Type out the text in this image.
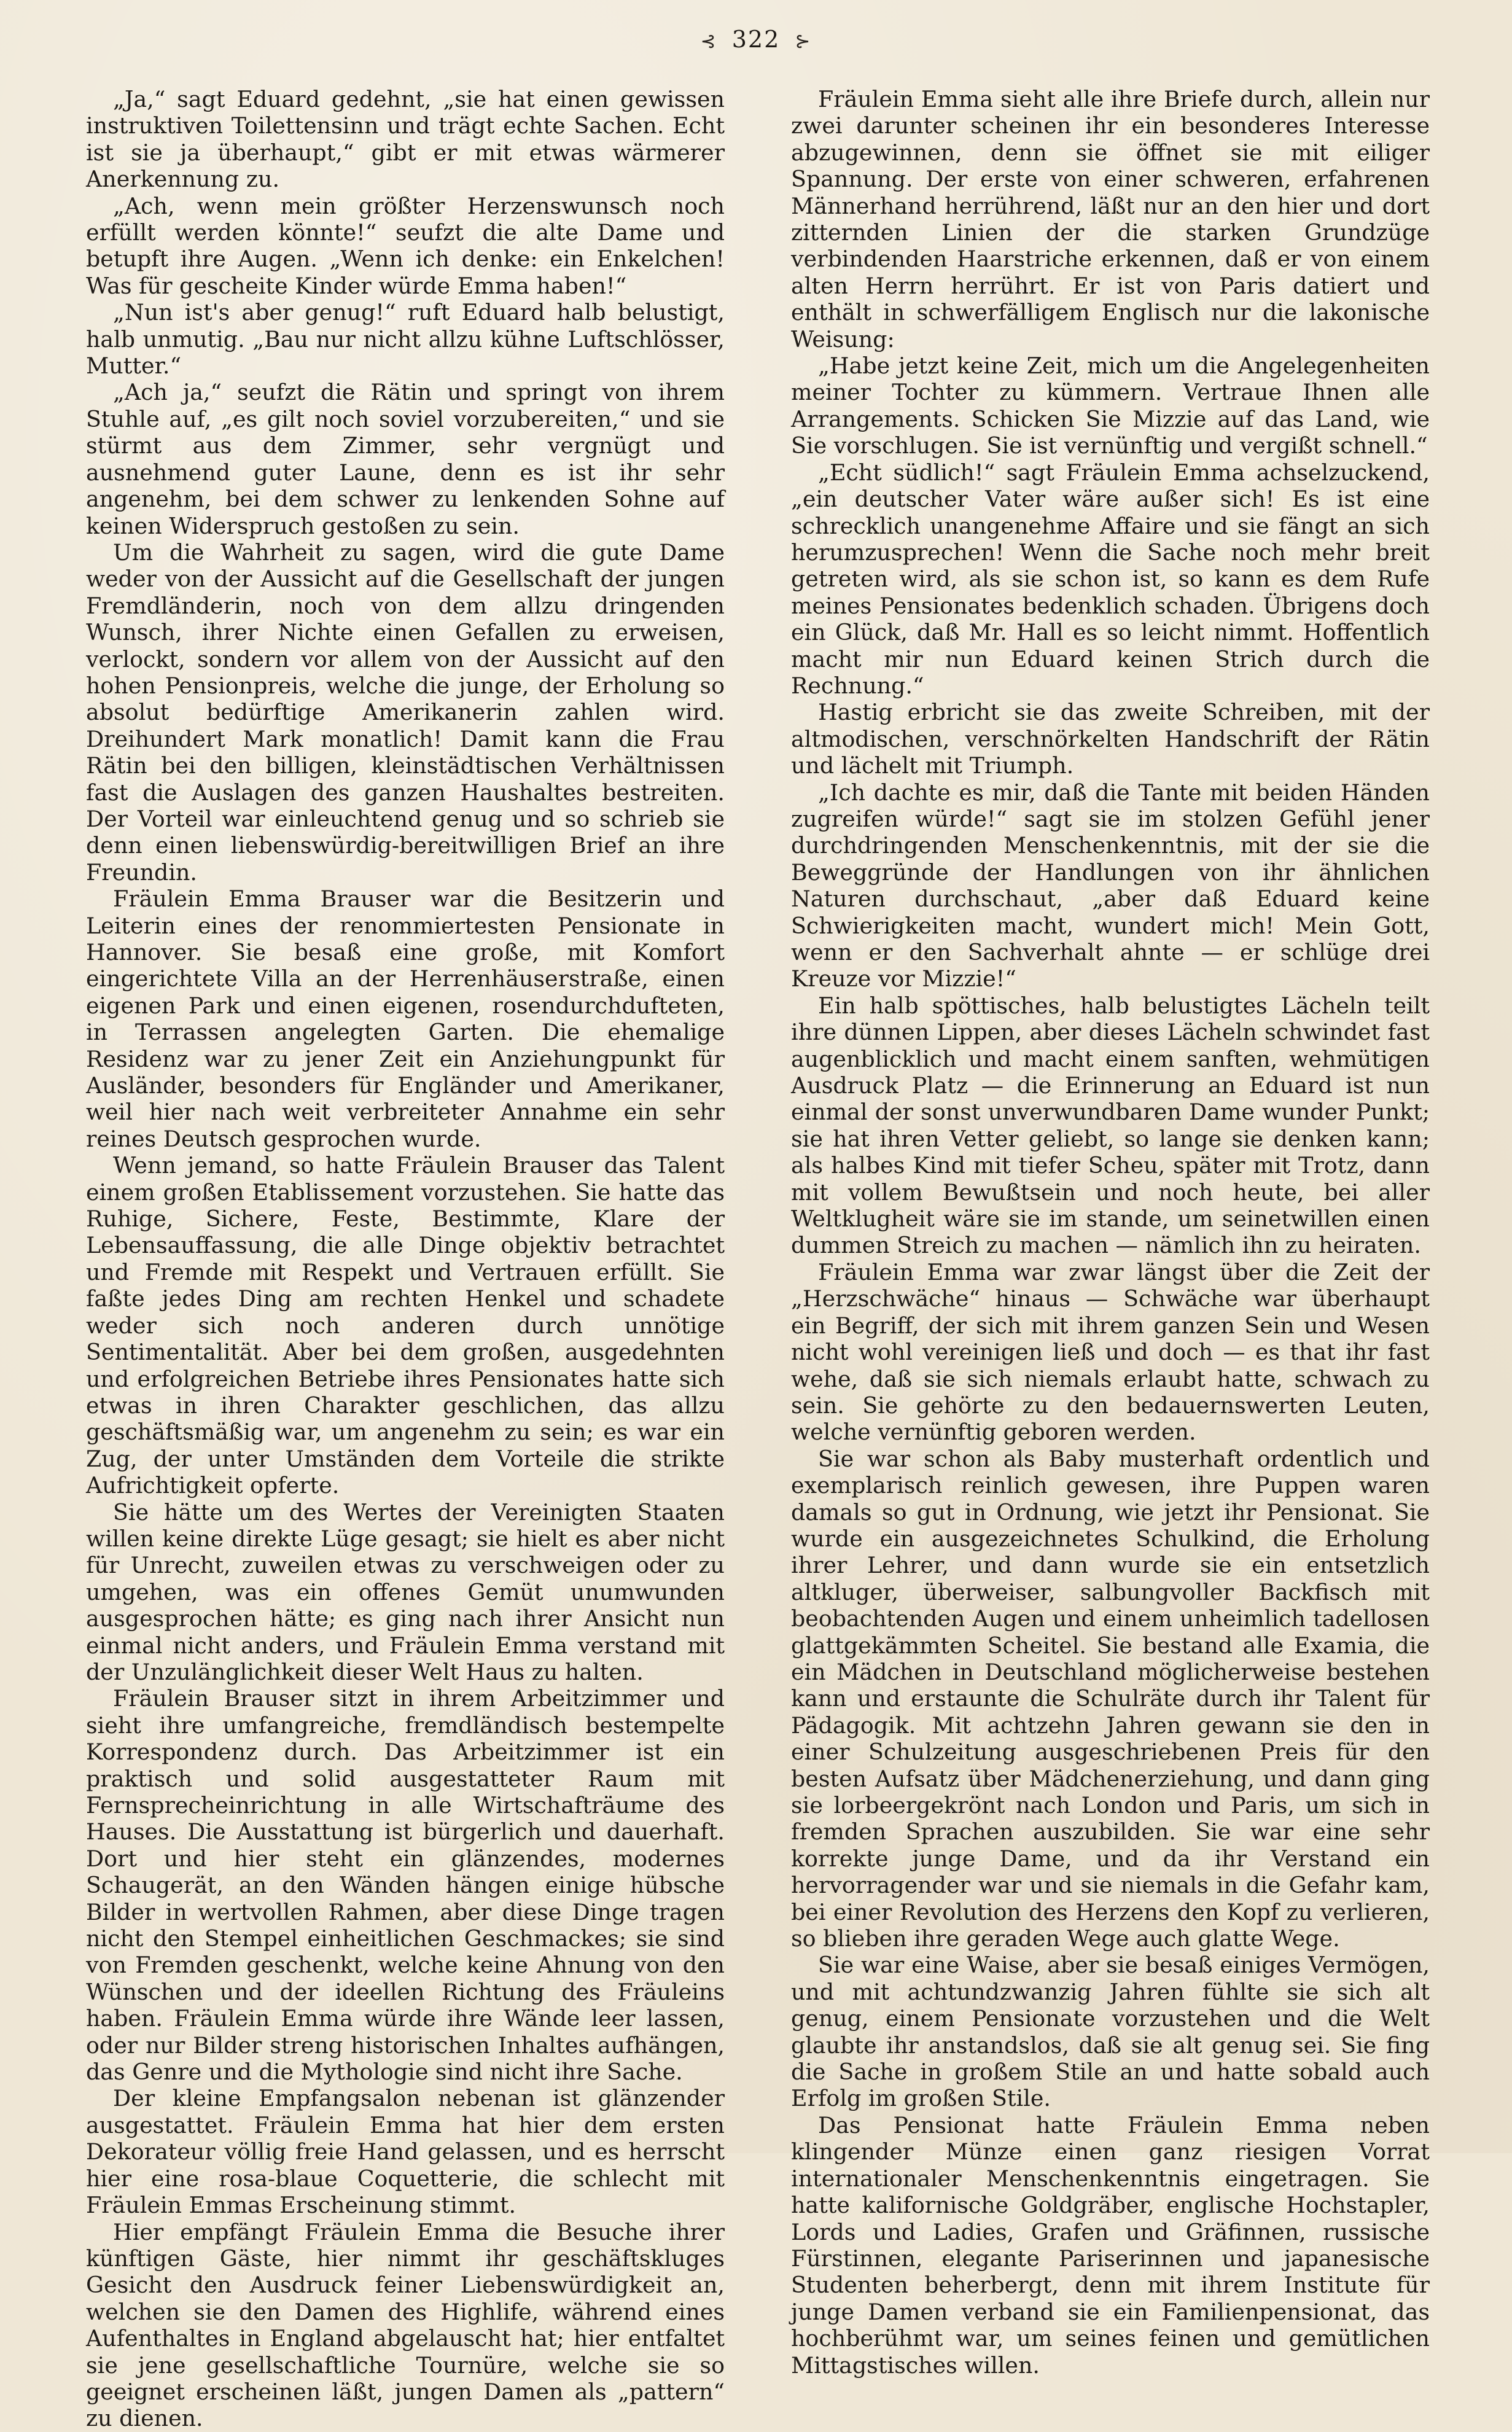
⊰ 322 ⊱

„Ja,“ sagt Eduard gedehnt, „sie hat einen gewissen instruktiven Toilettensinn und trägt echte Sachen. Echt ist sie ja überhaupt,“ gibt er mit etwas wärmerer Anerkennung zu.

„Ach, wenn mein größter Herzenswunsch noch erfüllt werden könnte!“ seufzt die alte Dame und betupft ihre Augen. „Wenn ich denke: ein Enkelchen! Was für gescheite Kinder würde Emma haben!“

„Nun ist's aber genug!“ ruft Eduard halb belustigt, halb unmutig. „Bau nur nicht allzu kühne Luftschlösser, Mutter.“

„Ach ja,“ seufzt die Rätin und springt von ihrem Stuhle auf, „es gilt noch soviel vorzubereiten,“ und sie stürmt aus dem Zimmer, sehr vergnügt und ausnehmend guter Laune, denn es ist ihr sehr angenehm, bei dem schwer zu lenkenden Sohne auf keinen Widerspruch gestoßen zu sein.

Um die Wahrheit zu sagen, wird die gute Dame weder von der Aussicht auf die Gesellschaft der jungen Fremdländerin, noch von dem allzu dringenden Wunsch, ihrer Nichte einen Gefallen zu erweisen, verlockt, sondern vor allem von der Aussicht auf den hohen Pensionpreis, welche die junge, der Erholung so absolut bedürftige Amerikanerin zahlen wird. Dreihundert Mark monatlich! Damit kann die Frau Rätin bei den billigen, kleinstädtischen Verhältnissen fast die Auslagen des ganzen Haushaltes bestreiten. Der Vorteil war einleuchtend genug und so schrieb sie denn einen liebenswürdig-bereitwilligen Brief an ihre Freundin.

Fräulein Emma Brauser war die Besitzerin und Leiterin eines der renommiertesten Pensionate in Hannover. Sie besaß eine große, mit Komfort eingerichtete Villa an der Herrenhäuserstraße, einen eigenen Park und einen eigenen, rosendurchdufteten, in Terrassen angelegten Garten. Die ehemalige Residenz war zu jener Zeit ein Anziehungpunkt für Ausländer, besonders für Engländer und Amerikaner, weil hier nach weit verbreiteter Annahme ein sehr reines Deutsch gesprochen wurde.

Wenn jemand, so hatte Fräulein Brauser das Talent einem großen Etablissement vorzustehen. Sie hatte das Ruhige, Sichere, Feste, Bestimmte, Klare der Lebensauffassung, die alle Dinge objektiv betrachtet und Fremde mit Respekt und Vertrauen erfüllt. Sie faßte jedes Ding am rechten Henkel und schadete weder sich noch anderen durch unnötige Sentimentalität. Aber bei dem großen, ausgedehnten und erfolgreichen Betriebe ihres Pensionates hatte sich etwas in ihren Charakter geschlichen, das allzu geschäftsmäßig war, um angenehm zu sein; es war ein Zug, der unter Umständen dem Vorteile die strikte Aufrichtigkeit opferte.

Sie hätte um des Wertes der Vereinigten Staaten willen keine direkte Lüge gesagt; sie hielt es aber nicht für Unrecht, zuweilen etwas zu verschweigen oder zu umgehen, was ein offenes Gemüt unumwunden ausgesprochen hätte; es ging nach ihrer Ansicht nun einmal nicht anders, und Fräulein Emma verstand mit der Unzulänglichkeit dieser Welt Haus zu halten.

Fräulein Brauser sitzt in ihrem Arbeitzimmer und sieht ihre umfangreiche, fremdländisch bestempelte Korrespondenz durch. Das Arbeitzimmer ist ein praktisch und solid ausgestatteter Raum mit Fernsprecheinrichtung in alle Wirtschafträume des Hauses. Die Ausstattung ist bürgerlich und dauerhaft. Dort und hier steht ein glänzendes, modernes Schaugerät, an den Wänden hängen einige hübsche Bilder in wertvollen Rahmen, aber diese Dinge tragen nicht den Stempel einheitlichen Geschmackes; sie sind von Fremden geschenkt, welche keine Ahnung von den Wünschen und der ideellen Richtung des Fräuleins haben. Fräulein Emma würde ihre Wände leer lassen, oder nur Bilder streng historischen Inhaltes aufhängen, das Genre und die Mythologie sind nicht ihre Sache.

Der kleine Empfangsalon nebenan ist glänzender ausgestattet. Fräulein Emma hat hier dem ersten Dekorateur völlig freie Hand gelassen, und es herrscht hier eine rosa-blaue Coquetterie, die schlecht mit Fräulein Emmas Erscheinung stimmt.

Hier empfängt Fräulein Emma die Besuche ihrer künftigen Gäste, hier nimmt ihr geschäftskluges Gesicht den Ausdruck feiner Liebenswürdigkeit an, welchen sie den Damen des Highlife, während eines Aufenthaltes in England abgelauscht hat; hier entfaltet sie jene gesellschaftliche Tournüre, welche sie so geeignet erscheinen läßt, jungen Damen als „pattern“ zu dienen.

Fräulein Emma sieht alle ihre Briefe durch, allein nur zwei darunter scheinen ihr ein besonderes Interesse abzugewinnen, denn sie öffnet sie mit eiliger Spannung. Der erste von einer schweren, erfahrenen Männerhand herrührend, läßt nur an den hier und dort zitternden Linien der die starken Grundzüge verbindenden Haarstriche erkennen, daß er von einem alten Herrn herrührt. Er ist von Paris datiert und enthält in schwerfälligem Englisch nur die lakonische Weisung:

„Habe jetzt keine Zeit, mich um die Angelegenheiten meiner Tochter zu kümmern. Vertraue Ihnen alle Arrangements. Schicken Sie Mizzie auf das Land, wie Sie vorschlugen. Sie ist vernünftig und vergißt schnell.“

„Echt südlich!“ sagt Fräulein Emma achselzuckend, „ein deutscher Vater wäre außer sich! Es ist eine schrecklich unangenehme Affaire und sie fängt an sich herumzusprechen! Wenn die Sache noch mehr breit getreten wird, als sie schon ist, so kann es dem Rufe meines Pensionates bedenklich schaden. Übrigens doch ein Glück, daß Mr. Hall es so leicht nimmt. Hoffentlich macht mir nun Eduard keinen Strich durch die Rechnung.“

Hastig erbricht sie das zweite Schreiben, mit der altmodischen, verschnörkelten Handschrift der Rätin und lächelt mit Triumph.

„Ich dachte es mir, daß die Tante mit beiden Händen zugreifen würde!“ sagt sie im stolzen Gefühl jener durchdringenden Menschenkenntnis, mit der sie die Beweggründe der Handlungen von ihr ähnlichen Naturen durchschaut, „aber daß Eduard keine Schwierigkeiten macht, wundert mich! Mein Gott, wenn er den Sachverhalt ahnte — er schlüge drei Kreuze vor Mizzie!“

Ein halb spöttisches, halb belustigtes Lächeln teilt ihre dünnen Lippen, aber dieses Lächeln schwindet fast augenblicklich und macht einem sanften, wehmütigen Ausdruck Platz — die Erinnerung an Eduard ist nun einmal der sonst unverwundbaren Dame wunder Punkt; sie hat ihren Vetter geliebt, so lange sie denken kann; als halbes Kind mit tiefer Scheu, später mit Trotz, dann mit vollem Bewußtsein und noch heute, bei aller Weltklugheit wäre sie im stande, um seinetwillen einen dummen Streich zu machen — nämlich ihn zu heiraten.

Fräulein Emma war zwar längst über die Zeit der „Herzschwäche“ hinaus — Schwäche war überhaupt ein Begriff, der sich mit ihrem ganzen Sein und Wesen nicht wohl vereinigen ließ und doch — es that ihr fast wehe, daß sie sich niemals erlaubt hatte, schwach zu sein. Sie gehörte zu den bedauernswerten Leuten, welche vernünftig geboren werden.

Sie war schon als Baby musterhaft ordentlich und exemplarisch reinlich gewesen, ihre Puppen waren damals so gut in Ordnung, wie jetzt ihr Pensionat. Sie wurde ein ausgezeichnetes Schulkind, die Erholung ihrer Lehrer, und dann wurde sie ein entsetzlich altkluger, überweiser, salbungvoller Backfisch mit beobachtenden Augen und einem unheimlich tadellosen glattgekämmten Scheitel. Sie bestand alle Examia, die ein Mädchen in Deutschland möglicherweise bestehen kann und erstaunte die Schulräte durch ihr Talent für Pädagogik. Mit achtzehn Jahren gewann sie den in einer Schulzeitung ausgeschriebenen Preis für den besten Aufsatz über Mädchenerziehung, und dann ging sie lorbeergekrönt nach London und Paris, um sich in fremden Sprachen auszubilden. Sie war eine sehr korrekte junge Dame, und da ihr Verstand ein hervorragender war und sie niemals in die Gefahr kam, bei einer Revolution des Herzens den Kopf zu verlieren, so blieben ihre geraden Wege auch glatte Wege.

Sie war eine Waise, aber sie besaß einiges Vermögen, und mit achtundzwanzig Jahren fühlte sie sich alt genug, einem Pensionate vorzustehen und die Welt glaubte ihr anstandslos, daß sie alt genug sei. Sie fing die Sache in großem Stile an und hatte sobald auch Erfolg im großen Stile.

Das Pensionat hatte Fräulein Emma neben klingender Münze einen ganz riesigen Vorrat internationaler Menschenkenntnis eingetragen. Sie hatte kalifornische Goldgräber, englische Hochstapler, Lords und Ladies, Grafen und Gräfinnen, russische Fürstinnen, elegante Pariserinnen und japanesische Studenten beherbergt, denn mit ihrem Institute für junge Damen verband sie ein Familienpensionat, das hochberühmt war, um seines feinen und gemütlichen Mittagstisches willen.
